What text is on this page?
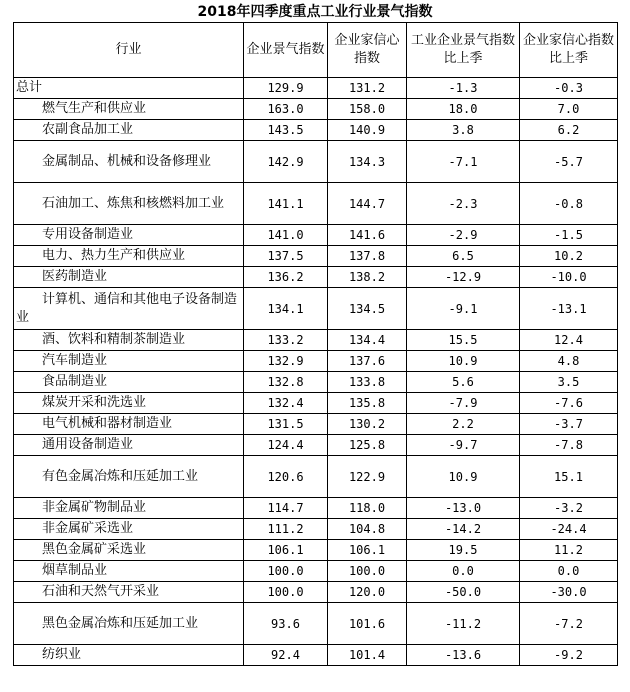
2018年四季度重点工业行业景气指数
行业	企业景气指数	企业家信心指数	工业企业景气指数比上季	企业家信心指数比上季
总计	129.9	131.2	-1.3	-0.3
燃气生产和供应业	163.0	158.0	18.0	7.0
农副食品加工业	143.5	140.9	3.8	6.2
金属制品、机械和设备修理业	142.9	134.3	-7.1	-5.7
石油加工、炼焦和核燃料加工业	141.1	144.7	-2.3	-0.8
专用设备制造业	141.0	141.6	-2.9	-1.5
电力、热力生产和供应业	137.5	137.8	6.5	10.2
医药制造业	136.2	138.2	-12.9	-10.0
计算机、通信和其他电子设备制造业	134.1	134.5	-9.1	-13.1
酒、饮料和精制茶制造业	133.2	134.4	15.5	12.4
汽车制造业	132.9	137.6	10.9	4.8
食品制造业	132.8	133.8	5.6	3.5
煤炭开采和洗选业	132.4	135.8	-7.9	-7.6
电气机械和器材制造业	131.5	130.2	2.2	-3.7
通用设备制造业	124.4	125.8	-9.7	-7.8
有色金属冶炼和压延加工业	120.6	122.9	10.9	15.1
非金属矿物制品业	114.7	118.0	-13.0	-3.2
非金属矿采选业	111.2	104.8	-14.2	-24.4
黑色金属矿采选业	106.1	106.1	19.5	11.2
烟草制品业	100.0	100.0	0.0	0.0
石油和天然气开采业	100.0	120.0	-50.0	-30.0
黑色金属冶炼和压延加工业	93.6	101.6	-11.2	-7.2
纺织业	92.4	101.4	-13.6	-9.2
